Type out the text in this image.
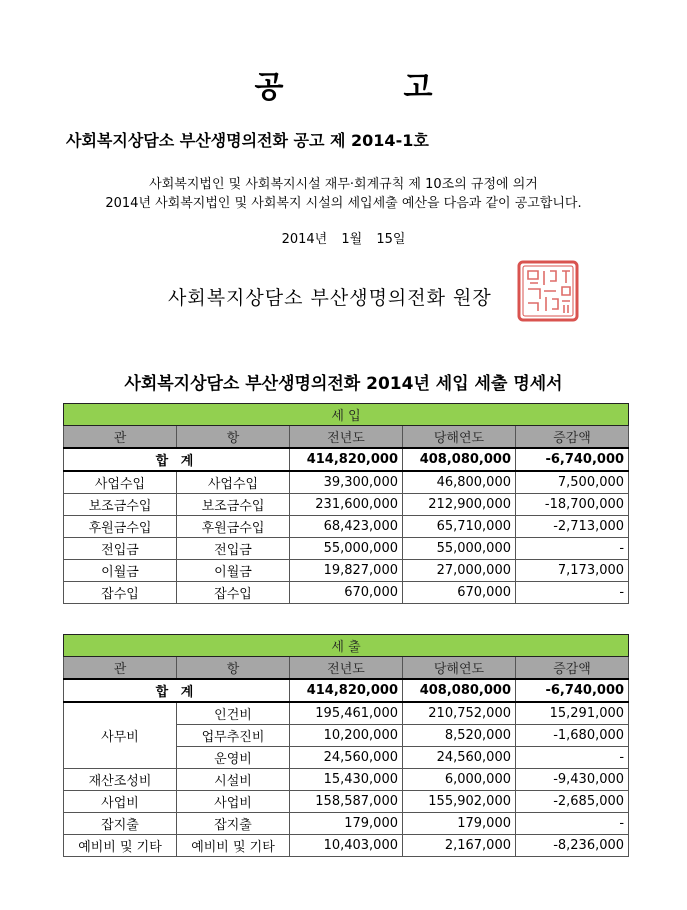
공	고
사회복지상담소 부산생명의전화 공고 제 2014-1호
사회복지법인 및 사회복지시설 재무·회계규칙 제 10조의 규정에 의거
2014년 사회복지법인 및 사회복지 시설의 세입세출 예산을 다음과 같이 공고합니다.
2014년 1월 15일
사회복지상담소 부산생명의전화 원장
사회복지상담소 부산생명의전화 2014년 세입 세출 명세서
세 입				
관	항	전년도	당해연도	증감액
합 계		414,820,000	408,080,000	-6,740,000
사업수입	사업수입	39,300,000	46,800,000	7,500,000
보조금수입	보조금수입	231,600,000	212,900,000	-18,700,000
후원금수입	후원금수입	68,423,000	65,710,000	-2,713,000
전입금	전입금	55,000,000	55,000,000	-
이월금	이월금	19,827,000	27,000,000	7,173,000
잡수입	잡수입	670,000	670,000	-
세 출				
관	항	전년도	당해연도	증감액
합 계		414,820,000	408,080,000	-6,740,000
사무비	인건비	195,461,000	210,752,000	15,291,000
	업무추진비	10,200,000	8,520,000	-1,680,000
	운영비	24,560,000	24,560,000	-
재산조성비	시설비	15,430,000	6,000,000	-9,430,000
사업비	사업비	158,587,000	155,902,000	-2,685,000
잡지출	잡지출	179,000	179,000	-
예비비 및 기타	예비비 및 기타	10,403,000	2,167,000	-8,236,000
